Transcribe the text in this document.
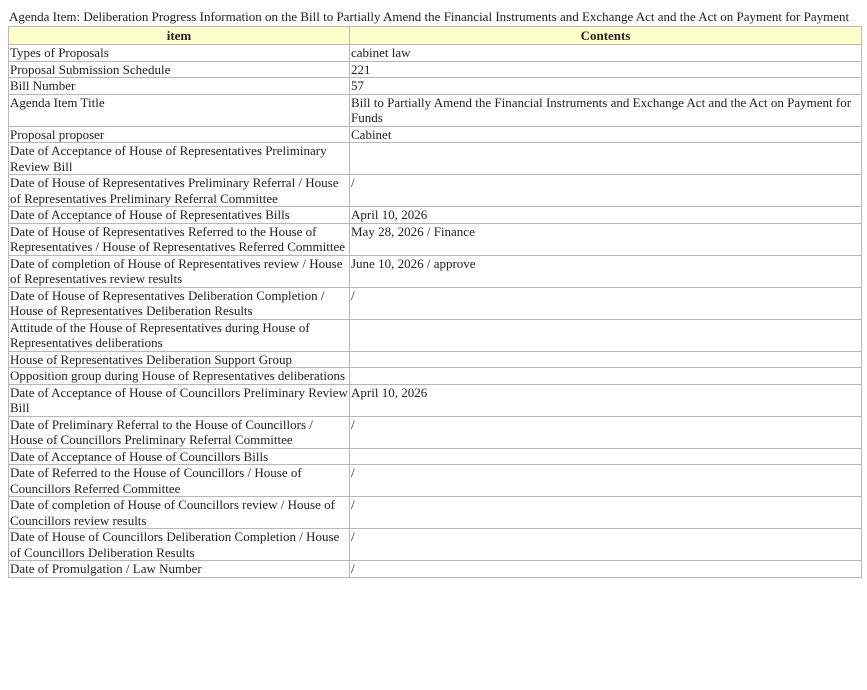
Agenda Item: Deliberation Progress Information on the Bill to Partially Amend the Financial Instruments and Exchange Act and the Act on Payment for Payment
item	Contents
Types of Proposals	cabinet law
Proposal Submission Schedule	221
Bill Number	57
Agenda Item Title	Bill to Partially Amend the Financial Instruments and Exchange Act and the Act on Payment for Funds
Proposal proposer	Cabinet
Date of Acceptance of House of Representatives Preliminary Review Bill	
Date of House of Representatives Preliminary Referral / House of Representatives Preliminary Referral Committee	/
Date of Acceptance of House of Representatives Bills	April 10, 2026
Date of House of Representatives Referred to the House of Representatives / House of Representatives Referred Committee	May 28, 2026 / Finance
Date of completion of House of Representatives review / House of Representatives review results	June 10, 2026 / approve
Date of House of Representatives Deliberation Completion / House of Representatives Deliberation Results	/
Attitude of the House of Representatives during House of Representatives deliberations	
House of Representatives Deliberation Support Group	
Opposition group during House of Representatives deliberations	
Date of Acceptance of House of Councillors Preliminary Review Bill	April 10, 2026
Date of Preliminary Referral to the House of Councillors / House of Councillors Preliminary Referral Committee	/
Date of Acceptance of House of Councillors Bills	
Date of Referred to the House of Councillors / House of Councillors Referred Committee	/
Date of completion of House of Councillors review / House of Councillors review results	/
Date of House of Councillors Deliberation Completion / House of Councillors Deliberation Results	/
Date of Promulgation / Law Number	/
